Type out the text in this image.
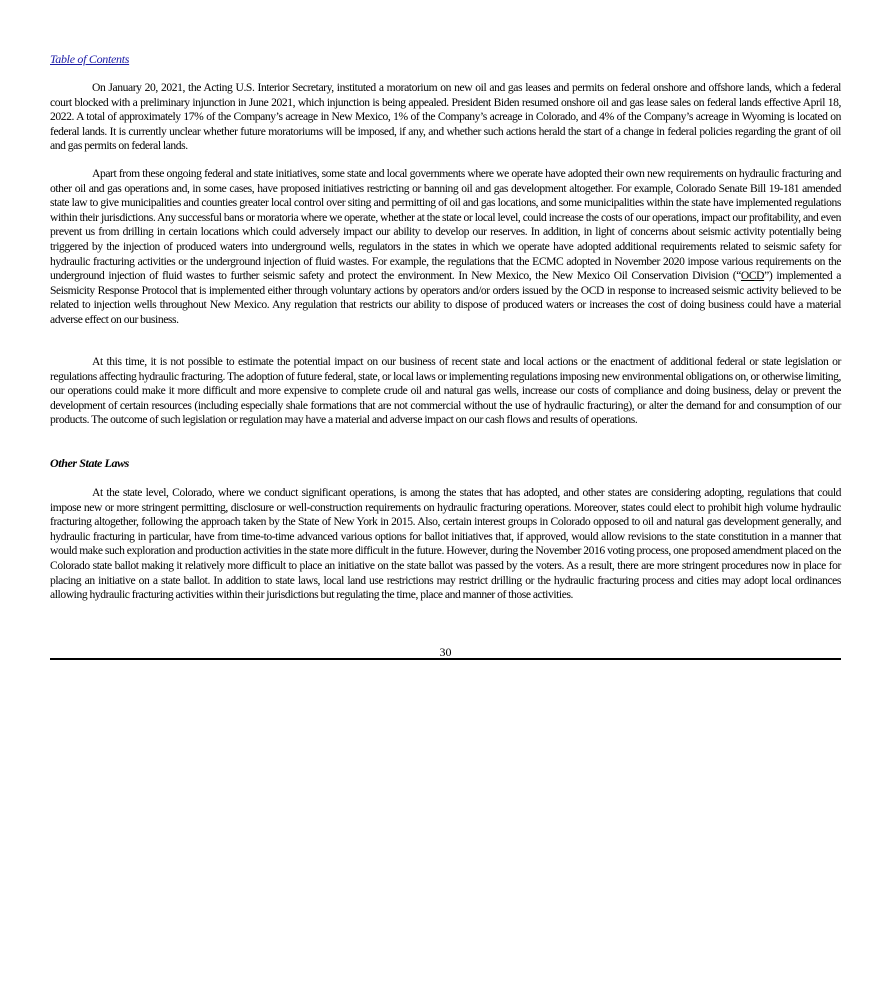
Table of Contents

On January 20, 2021, the Acting U.S. Interior Secretary, instituted a moratorium on new oil and gas leases and permits on federal onshore and offshore lands, which a federal court blocked with a preliminary injunction in June 2021, which injunction is being appealed. President Biden resumed onshore oil and gas lease sales on federal lands effective April 18, 2022. A total of approximately 17% of the Company’s acreage in New Mexico, 1% of the Company’s acreage in Colorado, and 4% of the Company’s acreage in Wyoming is located on federal lands. It is currently unclear whether future moratoriums will be imposed, if any, and whether such actions herald the start of a change in federal policies regarding the grant of oil and gas permits on federal lands.

Apart from these ongoing federal and state initiatives, some state and local governments where we operate have adopted their own new requirements on hydraulic fracturing and other oil and gas operations and, in some cases, have proposed initiatives restricting or banning oil and gas development altogether. For example, Colorado Senate Bill 19-181 amended state law to give municipalities and counties greater local control over siting and permitting of oil and gas locations, and some municipalities within the state have implemented regulations within their jurisdictions. Any successful bans or moratoria where we operate, whether at the state or local level, could increase the costs of our operations, impact our profitability, and even prevent us from drilling in certain locations which could adversely impact our ability to develop our reserves. In addition, in light of concerns about seismic activity potentially being triggered by the injection of produced waters into underground wells, regulators in the states in which we operate have adopted additional requirements related to seismic safety for hydraulic fracturing activities or the underground injection of fluid wastes. For example, the regulations that the ECMC adopted in November 2020 impose various requirements on the underground injection of fluid wastes to further seismic safety and protect the environment. In New Mexico, the New Mexico Oil Conservation Division (“OCD”) implemented a Seismicity Response Protocol that is implemented either through voluntary actions by operators and/or orders issued by the OCD in response to increased seismic activity believed to be related to injection wells throughout New Mexico. Any regulation that restricts our ability to dispose of produced waters or increases the cost of doing business could have a material adverse effect on our business.

At this time, it is not possible to estimate the potential impact on our business of recent state and local actions or the enactment of additional federal or state legislation or regulations affecting hydraulic fracturing. The adoption of future federal, state, or local laws or implementing regulations imposing new environmental obligations on, or otherwise limiting, our operations could make it more difficult and more expensive to complete crude oil and natural gas wells, increase our costs of compliance and doing business, delay or prevent the development of certain resources (including especially shale formations that are not commercial without the use of hydraulic fracturing), or alter the demand for and consumption of our products. The outcome of such legislation or regulation may have a material and adverse impact on our cash flows and results of operations.

Other State Laws

At the state level, Colorado, where we conduct significant operations, is among the states that has adopted, and other states are considering adopting, regulations that could impose new or more stringent permitting, disclosure or well-construction requirements on hydraulic fracturing operations. Moreover, states could elect to prohibit high volume hydraulic fracturing altogether, following the approach taken by the State of New York in 2015. Also, certain interest groups in Colorado opposed to oil and natural gas development generally, and hydraulic fracturing in particular, have from time-to-time advanced various options for ballot initiatives that, if approved, would allow revisions to the state constitution in a manner that would make such exploration and production activities in the state more difficult in the future. However, during the November 2016 voting process, one proposed amendment placed on the Colorado state ballot making it relatively more difficult to place an initiative on the state ballot was passed by the voters. As a result, there are more stringent procedures now in place for placing an initiative on a state ballot. In addition to state laws, local land use restrictions may restrict drilling or the hydraulic fracturing process and cities may adopt local ordinances allowing hydraulic fracturing activities within their jurisdictions but regulating the time, place and manner of those activities.

30
